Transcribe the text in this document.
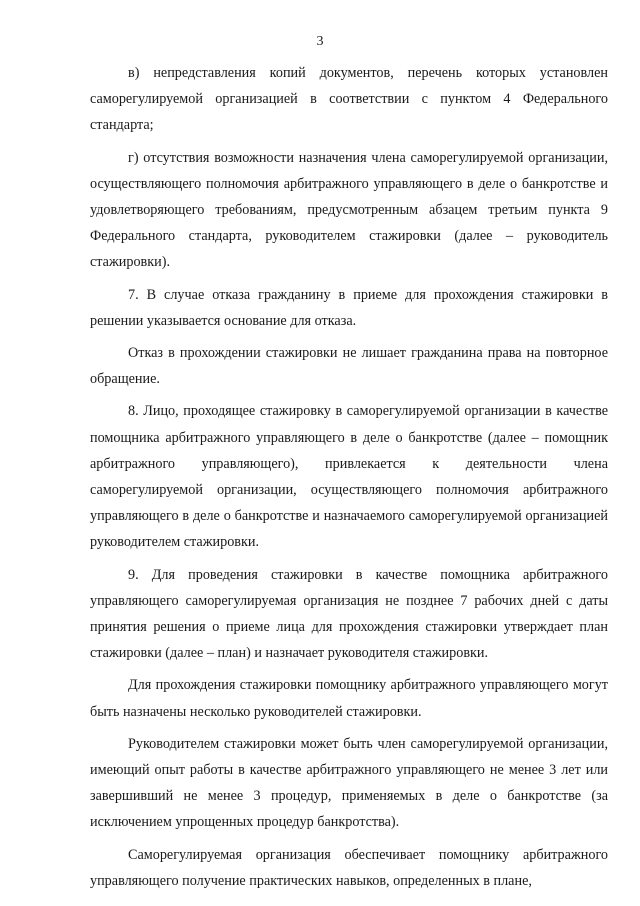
3

в) непредставления копий документов, перечень которых установлен саморегулируемой организацией в соответствии с пунктом 4 Федерального стандарта;

г) отсутствия возможности назначения члена саморегулируемой организации, осуществляющего полномочия арбитражного управляющего в деле о банкротстве и удовлетворяющего требованиям, предусмотренным абзацем третьим пункта 9 Федерального стандарта, руководителем стажировки (далее – руководитель стажировки).

7. В случае отказа гражданину в приеме для прохождения стажировки в решении указывается основание для отказа.

Отказ в прохождении стажировки не лишает гражданина права на повторное обращение.

8. Лицо, проходящее стажировку в саморегулируемой организации в качестве помощника арбитражного управляющего в деле о банкротстве (далее – помощник арбитражного управляющего), привлекается к деятельности члена саморегулируемой организации, осуществляющего полномочия арбитражного управляющего в деле о банкротстве и назначаемого саморегулируемой организацией руководителем стажировки.

9. Для проведения стажировки в качестве помощника арбитражного управляющего саморегулируемая организация не позднее 7 рабочих дней с даты принятия решения о приеме лица для прохождения стажировки утверждает план стажировки (далее – план) и назначает руководителя стажировки.

Для прохождения стажировки помощнику арбитражного управляющего могут быть назначены несколько руководителей стажировки.

Руководителем стажировки может быть член саморегулируемой организации, имеющий опыт работы в качестве арбитражного управляющего не менее 3 лет или завершивший не менее 3 процедур, применяемых в деле о банкротстве (за исключением упрощенных процедур банкротства).

Саморегулируемая организация обеспечивает помощнику арбитражного управляющего получение практических навыков, определенных в плане,
